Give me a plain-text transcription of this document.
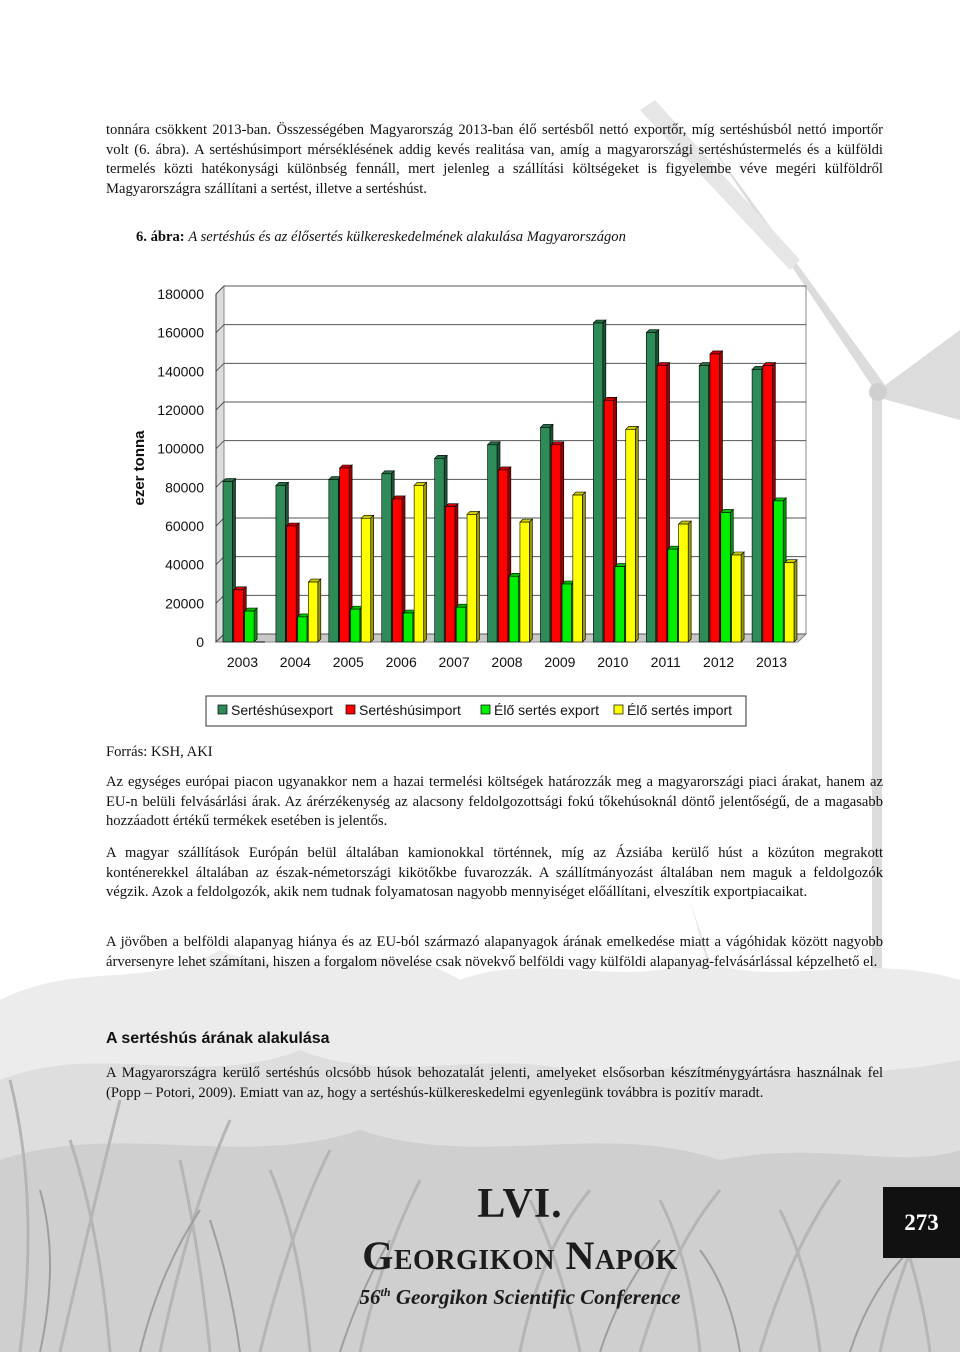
tonnára csökkent 2013-ban. Összességében Magyarország 2013-ban élő sertésből nettó exportőr, míg sertéshúsból nettó importőr volt (6. ábra). A sertéshúsimport mérséklésének addig kevés realitása van, amíg a magyarországi sertéshústermelés és a külföldi termelés közti hatékonysági különbség fennáll, mert jelenleg a szállítási költségeket is figyelembe véve megéri külföldről Magyarországra szállítani a sertést, illetve a sertéshúst.

6. ábra: A sertéshús és az élősertés külkereskedelmének alakulása Magyarországon
0
20000
40000
60000
80000
100000
120000
140000
160000
180000
ezer tonna
2003 2004 2005 2006 2007 2008 2009 2010 2011 2012 2013
Sertéshúsexport Sertéshúsimport Élő sertés export Élő sertés import
Forrás: KSH, AKI

Az egységes európai piacon ugyanakkor nem a hazai termelési költségek határozzák meg a magyarországi piaci árakat, hanem az EU-n belüli felvásárlási árak. Az árérzékenység az alacsony feldolgozottsági fokú tőkehúsoknál döntő jelentőségű, de a magasabb hozzáadott értékű termékek esetében is jelentős.

A magyar szállítások Európán belül általában kamionokkal történnek, míg az Ázsiába kerülő húst a közúton megrakott konténerekkel általában az észak-németországi kikötőkbe fuvarozzák. A szállítmányozást általában nem maguk a feldolgozók végzik. Azok a feldolgozók, akik nem tudnak folyamatosan nagyobb mennyiséget előállítani, elveszítik exportpiacaikat.

A jövőben a belföldi alapanyag hiánya és az EU-ból származó alapanyagok árának emelkedése miatt a vágóhidak között nagyobb árversenyre lehet számítani, hiszen a forgalom növelése csak növekvő belföldi vagy külföldi alapanyag-felvásárlással képzelhető el.

A sertéshús árának alakulása

A Magyarországra kerülő sertéshús olcsóbb húsok behozatalát jelenti, amelyeket elsősorban készítménygyártásra használnak fel (Popp – Potori, 2009). Emiatt van az, hogy a sertéshús-külkereskedelmi egyenlegünk továbbra is pozitív maradt.

LVI.
Georgikon Napok
56th Georgikon Scientific Conference
273
